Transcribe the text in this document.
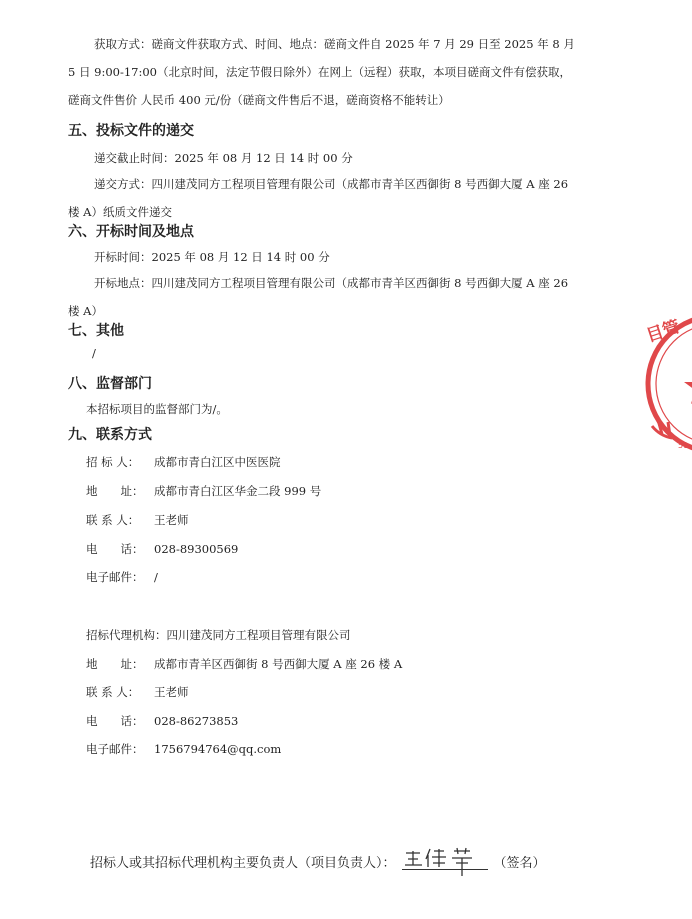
获取方式：磋商文件获取方式、时间、地点：磋商文件自 2025 年 7 月 29 日至 2025 年 8 月 5 日 9:00-17:00（北京时间，法定节假日除外）在网上（远程）获取，本项目磋商文件有偿获取，磋商文件售价 人民币 400 元/份（磋商文件售后不退，磋商资格不能转让）
五、投标文件的递交
递交截止时间：2025 年 08 月 12 日 14 时 00 分
递交方式：四川建茂同方工程项目管理有限公司（成都市青羊区西御街 8 号西御大厦 A 座 26 楼 A）纸质文件递交
六、开标时间及地点
开标时间：2025 年 08 月 12 日 14 时 00 分
开标地点：四川建茂同方工程项目管理有限公司（成都市青羊区西御街 8 号西御大厦 A 座 26 楼 A）
七、其他
/
八、监督部门
本招标项目的监督部门为/。
九、联系方式
招 标 人： 成都市青白江区中医医院
地　　址： 成都市青白江区华金二段 999 号
联 系 人： 王老师
电　　话： 028-89300569
电子邮件： /
招标代理机构：四川建茂同方工程项目管理有限公司
地　　址： 成都市青羊区西御街 8 号西御大厦 A 座 26 楼 A
联 系 人： 王老师
电　　话： 028-86273853
电子邮件： 1756794764@qq.com
招标人或其招标代理机构主要负责人（项目负责人）：	（签名）
目管
51
